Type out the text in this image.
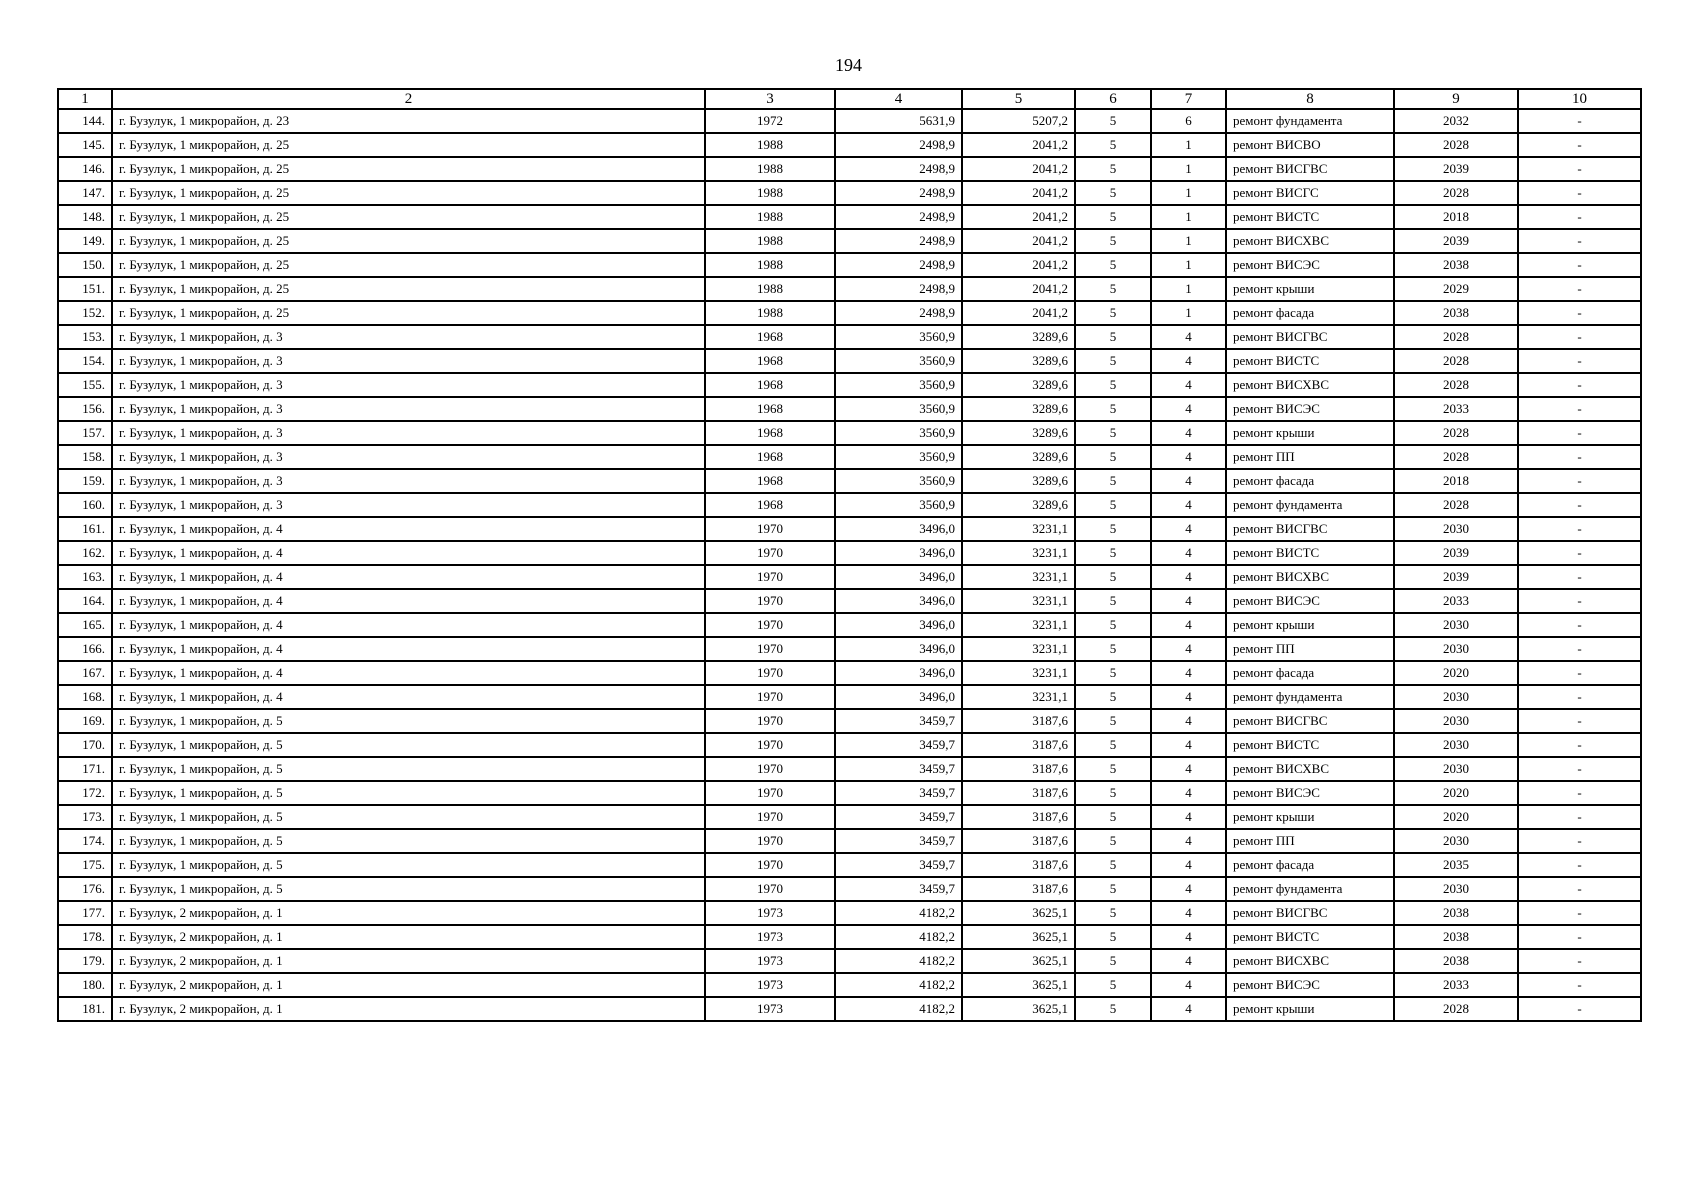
194
1	2	3	4	5	6	7	8	9	10
144.	г. Бузулук, 1 микрорайон, д. 23	1972	5631,9	5207,2	5	6	ремонт фундамента	2032	-
145.	г. Бузулук, 1 микрорайон, д. 25	1988	2498,9	2041,2	5	1	ремонт ВИСВО	2028	-
146.	г. Бузулук, 1 микрорайон, д. 25	1988	2498,9	2041,2	5	1	ремонт ВИСГВС	2039	-
147.	г. Бузулук, 1 микрорайон, д. 25	1988	2498,9	2041,2	5	1	ремонт ВИСГС	2028	-
148.	г. Бузулук, 1 микрорайон, д. 25	1988	2498,9	2041,2	5	1	ремонт ВИСТС	2018	-
149.	г. Бузулук, 1 микрорайон, д. 25	1988	2498,9	2041,2	5	1	ремонт ВИСХВС	2039	-
150.	г. Бузулук, 1 микрорайон, д. 25	1988	2498,9	2041,2	5	1	ремонт ВИСЭС	2038	-
151.	г. Бузулук, 1 микрорайон, д. 25	1988	2498,9	2041,2	5	1	ремонт крыши	2029	-
152.	г. Бузулук, 1 микрорайон, д. 25	1988	2498,9	2041,2	5	1	ремонт фасада	2038	-
153.	г. Бузулук, 1 микрорайон, д. 3	1968	3560,9	3289,6	5	4	ремонт ВИСГВС	2028	-
154.	г. Бузулук, 1 микрорайон, д. 3	1968	3560,9	3289,6	5	4	ремонт ВИСТС	2028	-
155.	г. Бузулук, 1 микрорайон, д. 3	1968	3560,9	3289,6	5	4	ремонт ВИСХВС	2028	-
156.	г. Бузулук, 1 микрорайон, д. 3	1968	3560,9	3289,6	5	4	ремонт ВИСЭС	2033	-
157.	г. Бузулук, 1 микрорайон, д. 3	1968	3560,9	3289,6	5	4	ремонт крыши	2028	-
158.	г. Бузулук, 1 микрорайон, д. 3	1968	3560,9	3289,6	5	4	ремонт ПП	2028	-
159.	г. Бузулук, 1 микрорайон, д. 3	1968	3560,9	3289,6	5	4	ремонт фасада	2018	-
160.	г. Бузулук, 1 микрорайон, д. 3	1968	3560,9	3289,6	5	4	ремонт фундамента	2028	-
161.	г. Бузулук, 1 микрорайон, д. 4	1970	3496,0	3231,1	5	4	ремонт ВИСГВС	2030	-
162.	г. Бузулук, 1 микрорайон, д. 4	1970	3496,0	3231,1	5	4	ремонт ВИСТС	2039	-
163.	г. Бузулук, 1 микрорайон, д. 4	1970	3496,0	3231,1	5	4	ремонт ВИСХВС	2039	-
164.	г. Бузулук, 1 микрорайон, д. 4	1970	3496,0	3231,1	5	4	ремонт ВИСЭС	2033	-
165.	г. Бузулук, 1 микрорайон, д. 4	1970	3496,0	3231,1	5	4	ремонт крыши	2030	-
166.	г. Бузулук, 1 микрорайон, д. 4	1970	3496,0	3231,1	5	4	ремонт ПП	2030	-
167.	г. Бузулук, 1 микрорайон, д. 4	1970	3496,0	3231,1	5	4	ремонт фасада	2020	-
168.	г. Бузулук, 1 микрорайон, д. 4	1970	3496,0	3231,1	5	4	ремонт фундамента	2030	-
169.	г. Бузулук, 1 микрорайон, д. 5	1970	3459,7	3187,6	5	4	ремонт ВИСГВС	2030	-
170.	г. Бузулук, 1 микрорайон, д. 5	1970	3459,7	3187,6	5	4	ремонт ВИСТС	2030	-
171.	г. Бузулук, 1 микрорайон, д. 5	1970	3459,7	3187,6	5	4	ремонт ВИСХВС	2030	-
172.	г. Бузулук, 1 микрорайон, д. 5	1970	3459,7	3187,6	5	4	ремонт ВИСЭС	2020	-
173.	г. Бузулук, 1 микрорайон, д. 5	1970	3459,7	3187,6	5	4	ремонт крыши	2020	-
174.	г. Бузулук, 1 микрорайон, д. 5	1970	3459,7	3187,6	5	4	ремонт ПП	2030	-
175.	г. Бузулук, 1 микрорайон, д. 5	1970	3459,7	3187,6	5	4	ремонт фасада	2035	-
176.	г. Бузулук, 1 микрорайон, д. 5	1970	3459,7	3187,6	5	4	ремонт фундамента	2030	-
177.	г. Бузулук, 2 микрорайон, д. 1	1973	4182,2	3625,1	5	4	ремонт ВИСГВС	2038	-
178.	г. Бузулук, 2 микрорайон, д. 1	1973	4182,2	3625,1	5	4	ремонт ВИСТС	2038	-
179.	г. Бузулук, 2 микрорайон, д. 1	1973	4182,2	3625,1	5	4	ремонт ВИСХВС	2038	-
180.	г. Бузулук, 2 микрорайон, д. 1	1973	4182,2	3625,1	5	4	ремонт ВИСЭС	2033	-
181.	г. Бузулук, 2 микрорайон, д. 1	1973	4182,2	3625,1	5	4	ремонт крыши	2028	-
